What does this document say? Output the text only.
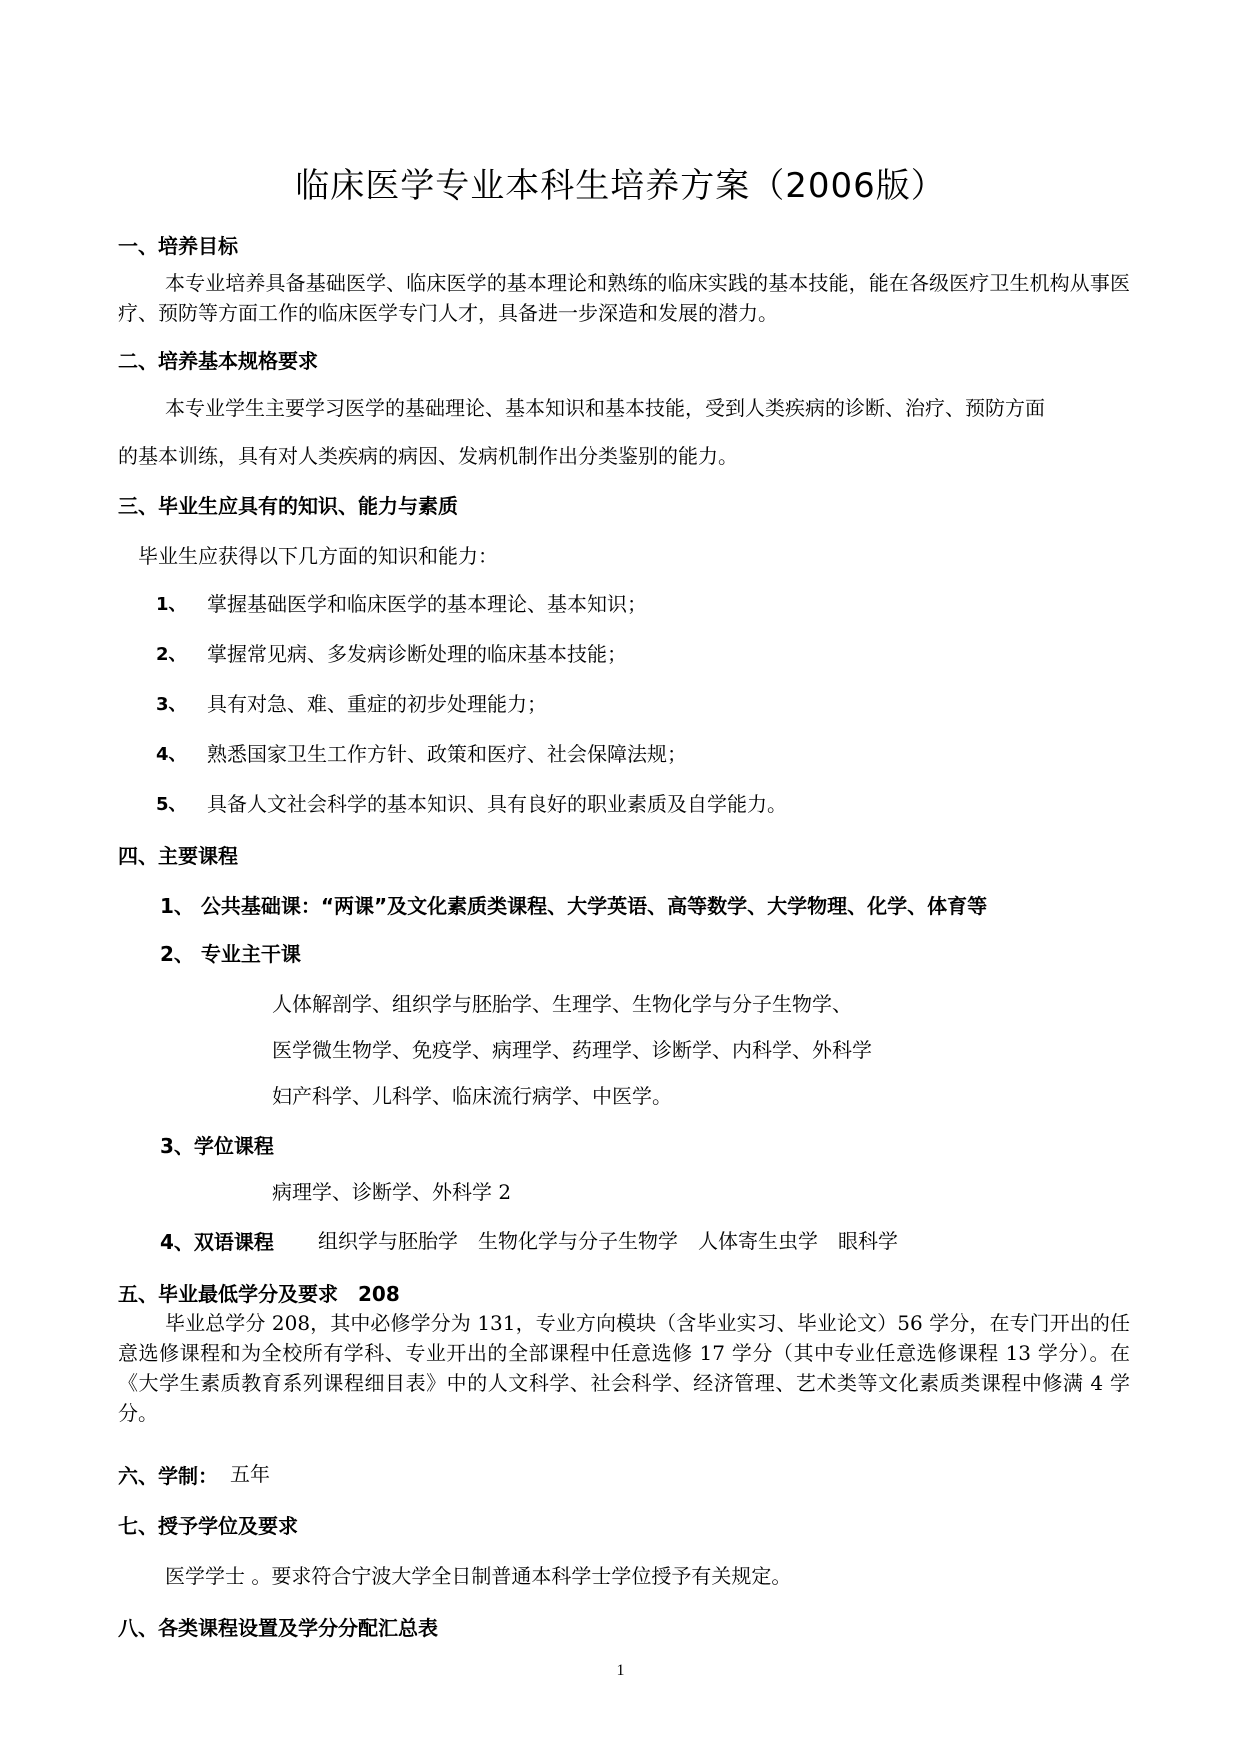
临床医学专业本科生培养方案（2006版）
一、培养目标
本专业培养具备基础医学、临床医学的基本理论和熟练的临床实践的基本技能，能在各级医疗卫生机构从事医疗、预防等方面工作的临床医学专门人才，具备进一步深造和发展的潜力。
二、培养基本规格要求
本专业学生主要学习医学的基础理论、基本知识和基本技能，受到人类疾病的诊断、治疗、预防方面
的基本训练，具有对人类疾病的病因、发病机制作出分类鉴别的能力。
三、毕业生应具有的知识、能力与素质
毕业生应获得以下几方面的知识和能力：
1、 掌握基础医学和临床医学的基本理论、基本知识；
2、 掌握常见病、多发病诊断处理的临床基本技能；
3、 具有对急、难、重症的初步处理能力；
4、 熟悉国家卫生工作方针、政策和医疗、社会保障法规；
5、 具备人文社会科学的基本知识、具有良好的职业素质及自学能力。
四、主要课程
1、 公共基础课：“两课”及文化素质类课程、大学英语、高等数学、大学物理、化学、体育等
2、 专业主干课
人体解剖学、组织学与胚胎学、生理学、生物化学与分子生物学、
医学微生物学、免疫学、病理学、药理学、诊断学、内科学、外科学
妇产科学、儿科学、临床流行病学、中医学。
3、学位课程
病理学、诊断学、外科学 2
4、双语课程 组织学与胚胎学　生物化学与分子生物学　人体寄生虫学　眼科学
五、毕业最低学分及要求　208
毕业总学分 208，其中必修学分为 131，专业方向模块（含毕业实习、毕业论文）56 学分，在专门开出的任意选修课程和为全校所有学科、专业开出的全部课程中任意选修 17 学分（其中专业任意选修课程 13 学分）。在《大学生素质教育系列课程细目表》中的人文科学、社会科学、经济管理、艺术类等文化素质类课程中修满 4 学分。
六、学制： 五年
七、授予学位及要求
医学学士 。要求符合宁波大学全日制普通本科学士学位授予有关规定。
八、各类课程设置及学分分配汇总表
1
